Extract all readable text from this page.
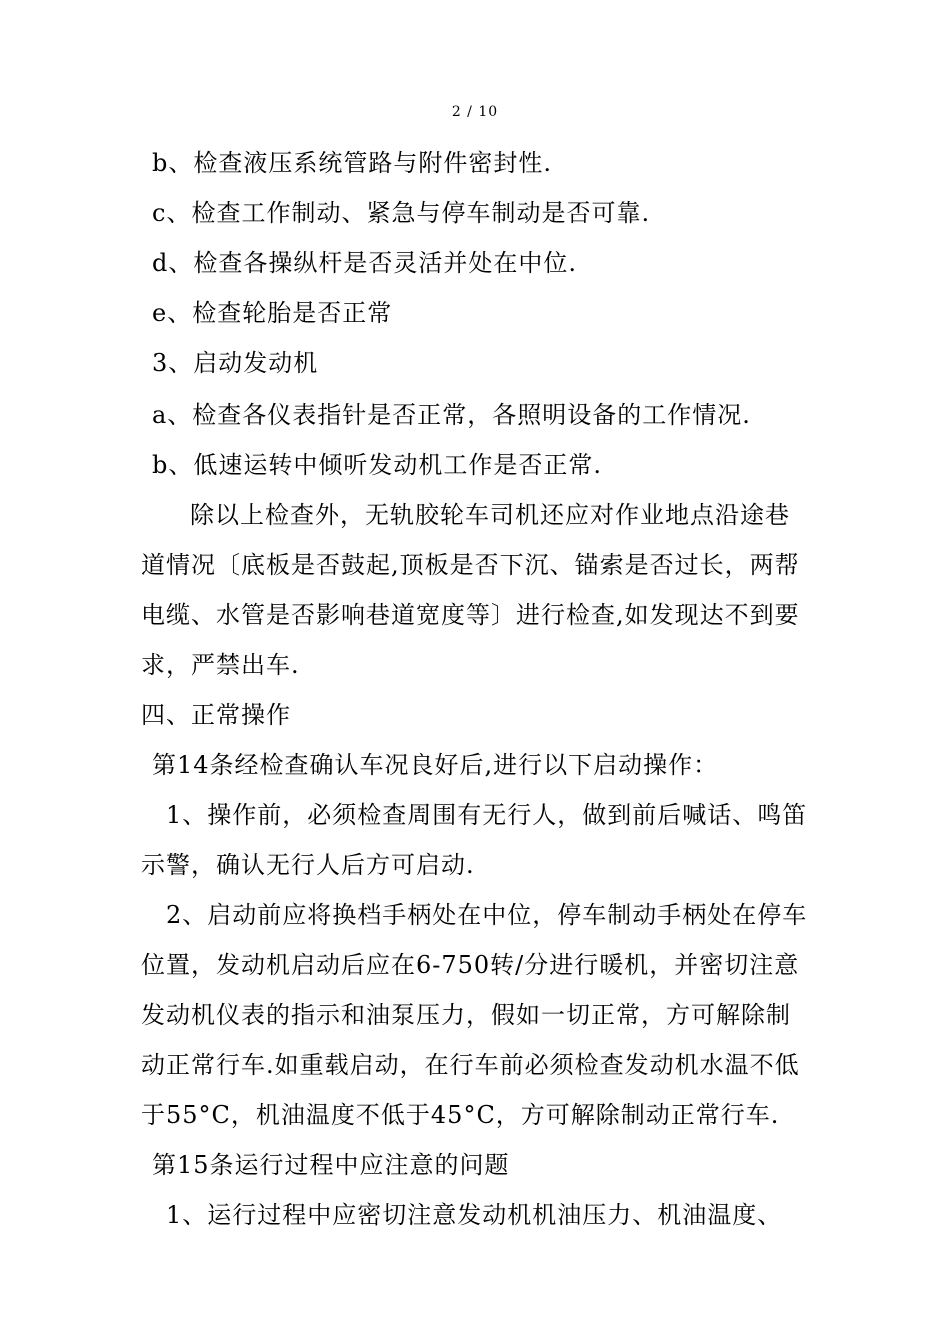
2 / 10
b、检查液压系统管路与附件密封性.
c、检查工作制动、紧急与停车制动是否可靠.
d、检查各操纵杆是否灵活并处在中位.
e、检查轮胎是否正常
3、启动发动机
a、检查各仪表指针是否正常，各照明设备的工作情况.
b、低速运转中倾听发动机工作是否正常.
除以上检查外，无轨胶轮车司机还应对作业地点沿途巷
道情况〔底板是否鼓起,顶板是否下沉、锚索是否过长，两帮
电缆、水管是否影响巷道宽度等〕进行检查,如发现达不到要
求，严禁出车.
四、正常操作
第14条经检查确认车况良好后,进行以下启动操作：
1、操作前，必须检查周围有无行人，做到前后喊话、鸣笛
示警，确认无行人后方可启动.
2、启动前应将换档手柄处在中位，停车制动手柄处在停车
位置，发动机启动后应在6-750转/分进行暖机，并密切注意
发动机仪表的指示和油泵压力，假如一切正常，方可解除制
动正常行车.如重载启动，在行车前必须检查发动机水温不低
于55°C，机油温度不低于45°C，方可解除制动正常行车.
第15条运行过程中应注意的问题
1、运行过程中应密切注意发动机机油压力、机油温度、
